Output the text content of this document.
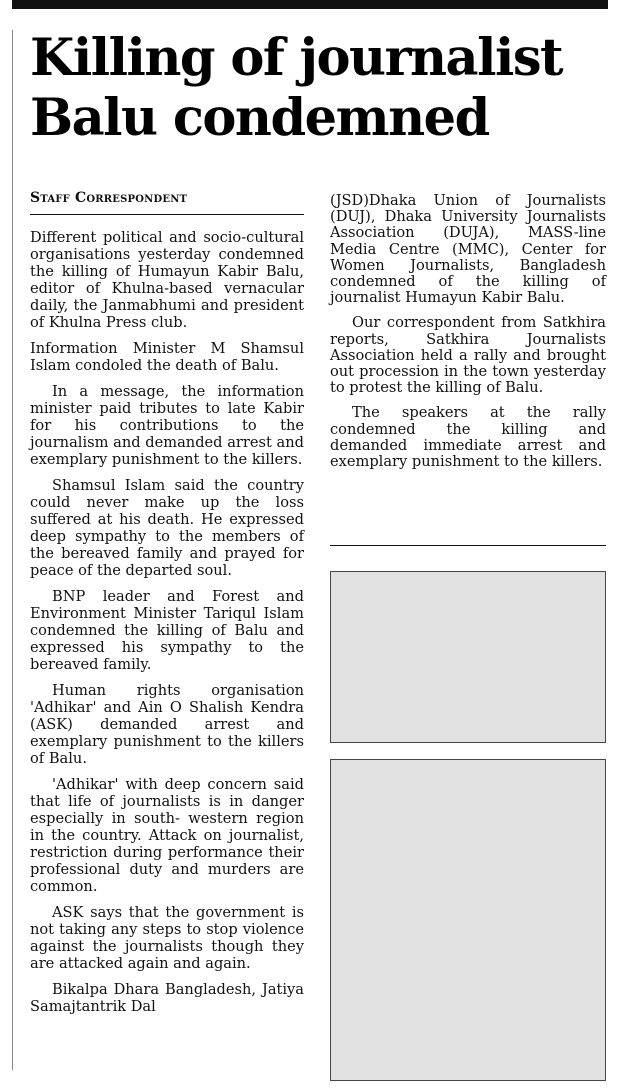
Killing of journalist
Balu condemned
Staff Correspondent

Different political and socio-cultural organisations yesterday condemned the killing of Humayun Kabir Balu, editor of Khulna-based vernacular daily, the Janmabhumi and president of Khulna Press club.

Information Minister M Shamsul Islam condoled the death of Balu.

In a message, the information minister paid tributes to late Kabir for his contributions to the journalism and demanded arrest and exemplary punishment to the killers.

Shamsul Islam said the country could never make up the loss suffered at his death. He expressed deep sympathy to the members of the bereaved family and prayed for peace of the departed soul.

BNP leader and Forest and Environment Minister Tariqul Islam condemned the killing of Balu and expressed his sympathy to the bereaved family.

Human rights organisation 'Adhikar' and Ain O Shalish Kendra (ASK) demanded arrest and exemplary punishment to the killers of Balu.

'Adhikar' with deep concern said that life of journalists is in danger especially in south- western region in the country. Attack on journalist, restriction during performance their professional duty and murders are common.

ASK says that the government is not taking any steps to stop violence against the journalists though they are attacked again and again.

Bikalpa Dhara Bangladesh, Jatiya Samajtantrik Dal

(JSD)Dhaka Union of Journalists (DUJ), Dhaka University Journalists Association (DUJA), MASS-line Media Centre (MMC), Center for Women Journalists, Bangladesh condemned of the killing of journalist Humayun Kabir Balu.

Our correspondent from Satkhira reports, Satkhira Journalists Association held a rally and brought out procession in the town yesterday to protest the killing of Balu.

The speakers at the rally condemned the killing and demanded immediate arrest and exemplary punishment to the killers.
